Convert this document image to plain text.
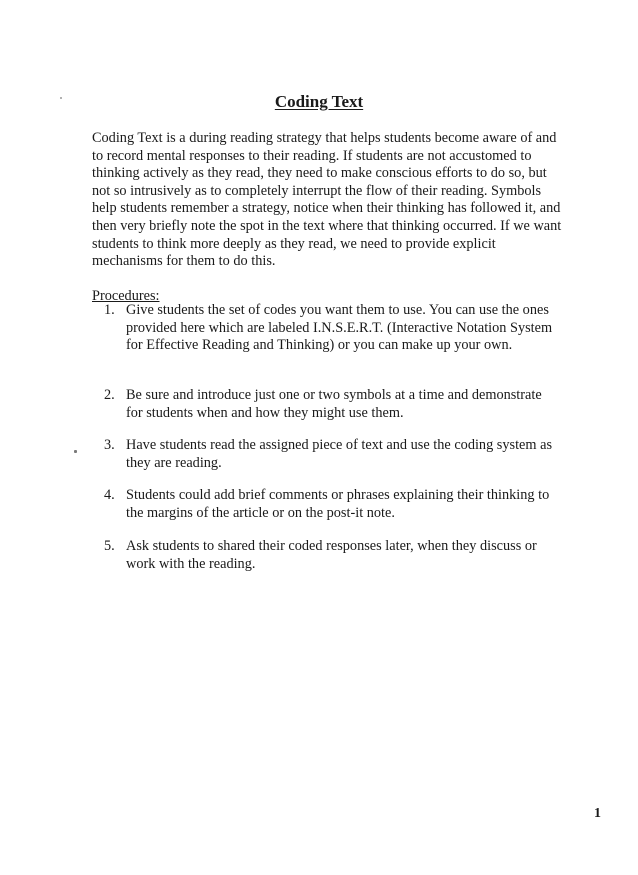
Coding Text

Coding Text is a during reading strategy that helps students become aware of and to record mental responses to their reading. If students are not accustomed to thinking actively as they read, they need to make conscious efforts to do so, but not so intrusively as to completely interrupt the flow of their reading. Symbols help students remember a strategy, notice when their thinking has followed it, and then very briefly note the spot in the text where that thinking occurred. If we want students to think more deeply as they read, we need to provide explicit mechanisms for them to do this.

Procedures:

1. Give students the set of codes you want them to use. You can use the ones provided here which are labeled I.N.S.E.R.T. (Interactive Notation System for Effective Reading and Thinking) or you can make up your own.
2. Be sure and introduce just one or two symbols at a time and demonstrate for students when and how they might use them.
3. Have students read the assigned piece of text and use the coding system as they are reading.
4. Students could add brief comments or phrases explaining their thinking to the margins of the article or on the post-it note.
5. Ask students to shared their coded responses later, when they discuss or work with the reading.

1
